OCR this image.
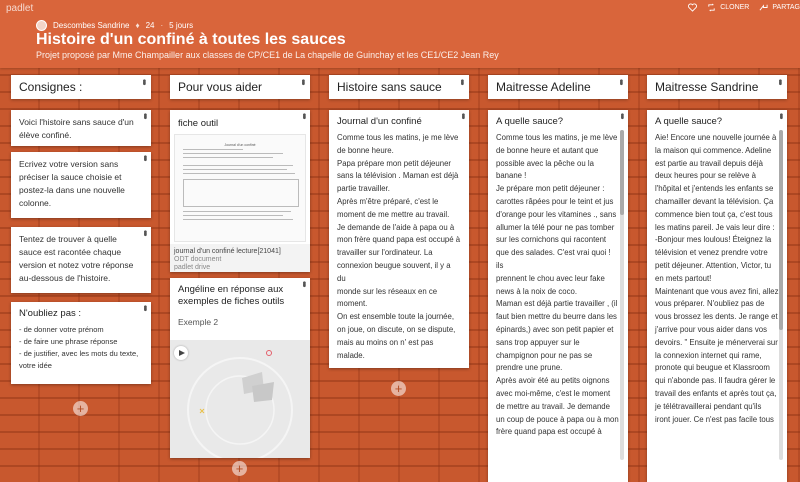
padlet
Descombes Sandrine ♦ 24 · 5 jours
Histoire d'un confiné à toutes les sauces
Projet proposé par Mme Champailler aux classes de CP/CE1 de La chapelle de Guinchay et les CE1/CE2 Jean Rey
CLONER	PARTAG
Consignes :	•••
•••
Voici l'histoire sans sauce d'un
élève confiné.
•••
Ecrivez votre version sans
préciser la sauce choisie et
postez-la dans une nouvelle
colonne.
•••
Tentez de trouver à quelle
sauce est racontée chaque
version et notez votre réponse
au-dessous de l'histoire.
•••
N'oubliez pas :
- de donner votre prénom
- de faire une phrase réponse
- de justifier, avec les mots du texte,
votre idée
+
Pour vous aider	•••
•••
fiche outil
Journal d'un confiné
journal d'un confiné lecture[21041]
ODT document
padlet drive
•••
Angéline en réponse aux exemples de fiches outils
Exemple 2
+
Histoire sans sauce •••
•••
Journal d'un confiné
Comme tous les matins, je me lève
de bonne heure.
Papa prépare mon petit déjeuner
sans la télévision . Maman est déjà
partie travailler.
Après m'être préparé, c'est le
moment de me mettre au travail.
Je demande de l'aide à papa ou à
mon frère quand papa est occupé à
travailler sur l'ordinateur. La
connexion beugue souvent, il y a du
monde sur les réseaux en ce
moment.
On est ensemble toute la journée,
on joue, on discute, on se dispute,
mais au moins on n' est pas
malade.
+
Maitresse Adeline •••
•••
A quelle sauce?
Comme tous les matins, je me lève
de bonne heure et autant que
possible avec la pêche ou la
banane !
Je prépare mon petit déjeuner :
carottes râpées pour le teint et jus
d'orange pour les vitamines ., sans
allumer la télé pour ne pas tomber
sur les cornichons qui racontent
que des salades. C'est vrai quoi ! ils
prennent le chou avec leur fake
news à la noix de coco.
Maman est déjà partie travailler , (il
faut bien mettre du beurre dans les
épinards,) avec son petit papier et
sans trop appuyer sur le
champignon pour ne pas se
prendre une prune.
Après avoir été au petits oignons
avec moi-même, c'est le moment
de mettre au travail. Je demande
un coup de pouce à papa ou à mon
frère quand papa est occupé à
Maitresse Sandrine •••
•••
A quelle sauce?
Aie! Encore une nouvelle journée à
la maison qui commence. Adeline
est partie au travail depuis déjà
deux heures pour se relève à
l'hôpital et j'entends les enfants se
chamailler devant la télévision. Ça
commence bien tout ça, c'est tous
les matins pareil. Je vais leur dire :
-Bonjour mes loulous! Éteignez la
télévision et venez prendre votre
petit déjeuner. Attention, Victor, tu
en mets partout!
Maintenant que vous avez fini, allez
vous préparer. N'oubliez pas de
vous brossez les dents. Je range et
j'arrive pour vous aider dans vos
devoirs. " Ensuite je ménerverai sur
la connexion internet qui rame,
pronote qui beugue et Klassroom
qui n'abonde pas. Il faudra gérer le
travail des enfants et après tout ça,
je télétravaillerai pendant qu'ils
iront jouer. Ce n'est pas facile tous
